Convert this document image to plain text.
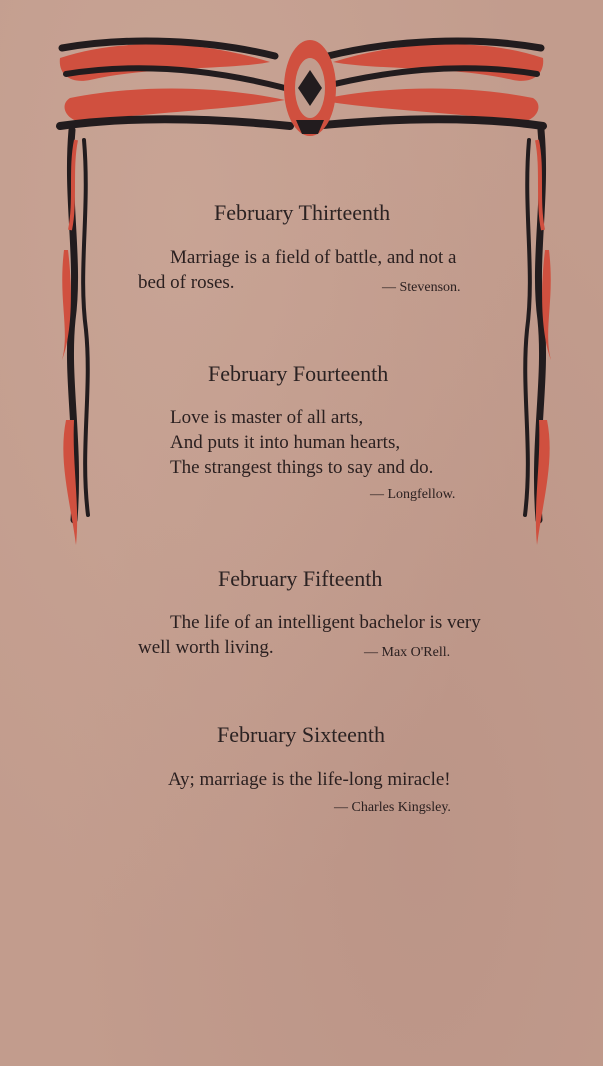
February Thirteenth
Marriage is a field of battle, and not a
bed of roses.	— Stevenson.
February Fourteenth
Love is master of all arts,
And puts it into human hearts,
The strangest things to say and do.
— Longfellow.
February Fifteenth
The life of an intelligent bachelor is very
well worth living.	— Max O'Rell.
February Sixteenth
Ay; marriage is the life-long miracle!
— Charles Kingsley.
